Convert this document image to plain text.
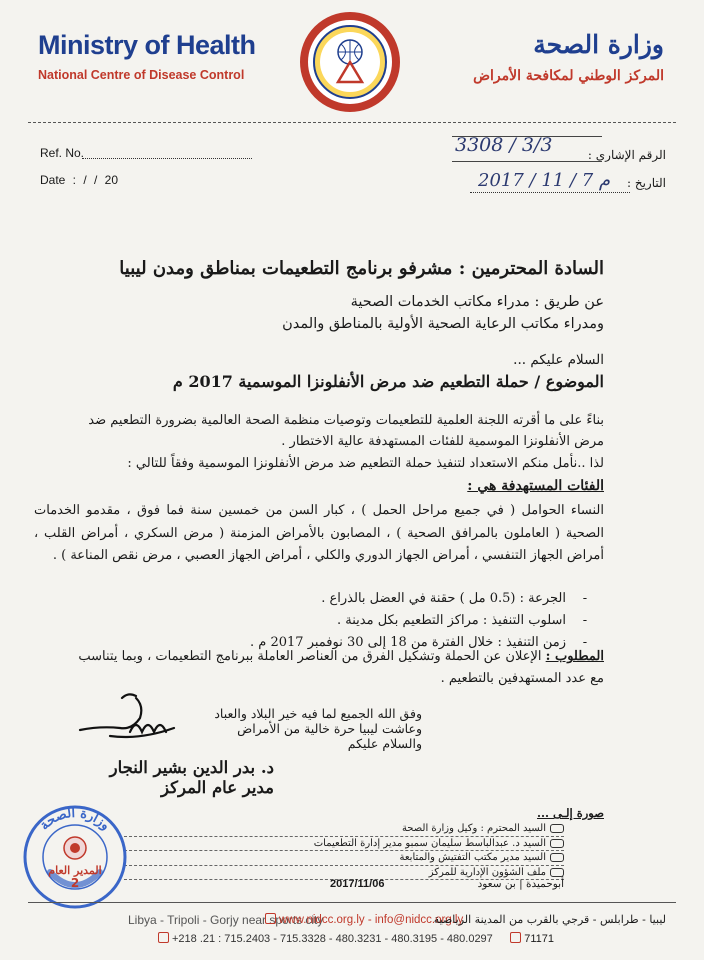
Ministry of Health
National Centre of Disease Control
وزارة الصحة
المركز الوطني لمكافحة الأمراض
Ref. No.
Date : / / 20
الرقم الإشاري :
التاريخ :
3308 / 3/3
2017 / 11 / 7 م
السادة المحترمين : مشرفو برنامج التطعيمات بمناطق ومدن ليبيا
عن طريق : مدراء مكاتب الخدمات الصحية
ومدراء مكاتب الرعاية الصحية الأولية بالمناطق والمدن
السلام عليكم ...
الموضوع / حملة التطعيم ضد مرض الأنفلونزا الموسمية 2017 م
بناءً على ما أقرته اللجنة العلمية للتطعيمات وتوصيات منظمة الصحة العالمية بضرورة التطعيم ضد مرض الأنفلونزا الموسمية للفئات المستهدفة عالية الاختطار .
لذا ..نأمل منكم الاستعداد لتنفيذ حملة التطعيم ضد مرض الأنفلونزا الموسمية وفقاً للتالي :
الفئات المستهدفة هي :
النساء الحوامل ( في جميع مراحل الحمل ) ، كبار السن من خمسين سنة فما فوق ، مقدمو الخدمات الصحية ( العاملون بالمرافق الصحية ) ، المصابون بالأمراض المزمنة ( مرض السكري ، أمراض القلب ، أمراض الجهاز التنفسي ، أمراض الجهاز الدوري والكلي ، أمراض الجهاز العصبي ، مرض نقص المناعة ) .
- الجرعة : (0.5 مل ) حقنة في العضل بالذراع .
- اسلوب التنفيذ : مراكز التطعيم بكل مدينة .
- زمن التنفيذ : خلال الفترة من 18 إلى 30 نوفمبر 2017 م .
المطلوب : الإعلان عن الحملة وتشكيل الفرق من العناصر العاملة ببرنامج التطعيمات ، وبما يتناسب مع عدد المستهدفين بالتطعيم .
وفق الله الجميع لما فيه خير البلاد والعباد
وعاشت ليبيا حرة خالية من الأمراض
والسلام عليكم
د. بدر الدين بشير النجار
مدير عام المركز
صورة إلـى ...
السيد المحترم : وكيل وزارة الصحة
السيد د. عبدالباسط سليمان سمبو مدير إدارة التطعيمات
السيد مدير مكتب التفتيش والمتابعة
ملف الشؤون الإدارية للمركز
2017/11/06	أبوحميدة | بن سعود
وزارة الصحة
المدير العام
2
Libya - Tripoli - Gorjy near sports city
www.nidcc.org.ly - info@nidcc.org.ly
ليبيا - طرابلس - قرجي بالقرب من المدينة الرياضية
+218 .21 : 715.2403 - 715.3328 - 480.3231 - 480.3195 - 480.0297	71171
